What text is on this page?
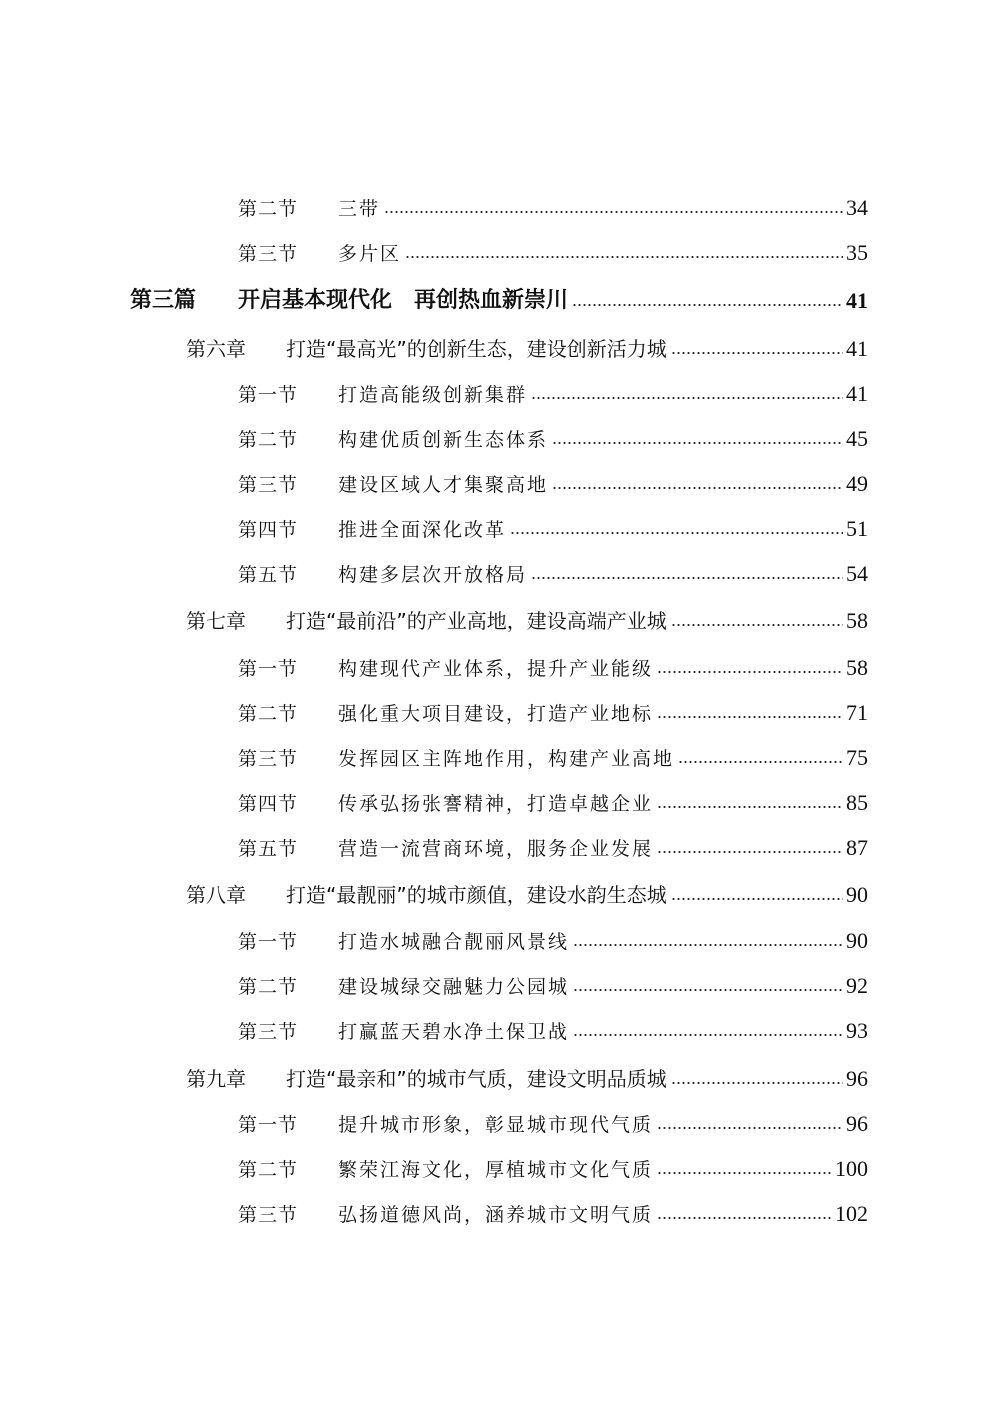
第二节	三带	34
第三节	多片区	35
第三篇	开启基本现代化　再创热血新崇川	41
第六章	打造“最高光”的创新生态，建设创新活力城	41
第一节	打造高能级创新集群	41
第二节	构建优质创新生态体系	45
第三节	建设区域人才集聚高地	49
第四节	推进全面深化改革	51
第五节	构建多层次开放格局	54
第七章	打造“最前沿”的产业高地，建设高端产业城	58
第一节	构建现代产业体系，提升产业能级	58
第二节	强化重大项目建设，打造产业地标	71
第三节	发挥园区主阵地作用，构建产业高地	75
第四节	传承弘扬张謇精神，打造卓越企业	85
第五节	营造一流营商环境，服务企业发展	87
第八章	打造“最靓丽”的城市颜值，建设水韵生态城	90
第一节	打造水城融合靓丽风景线	90
第二节	建设城绿交融魅力公园城	92
第三节	打赢蓝天碧水净土保卫战	93
第九章	打造“最亲和”的城市气质，建设文明品质城	96
第一节	提升城市形象，彰显城市现代气质	96
第二节	繁荣江海文化，厚植城市文化气质	100
第三节	弘扬道德风尚，涵养城市文明气质	102
